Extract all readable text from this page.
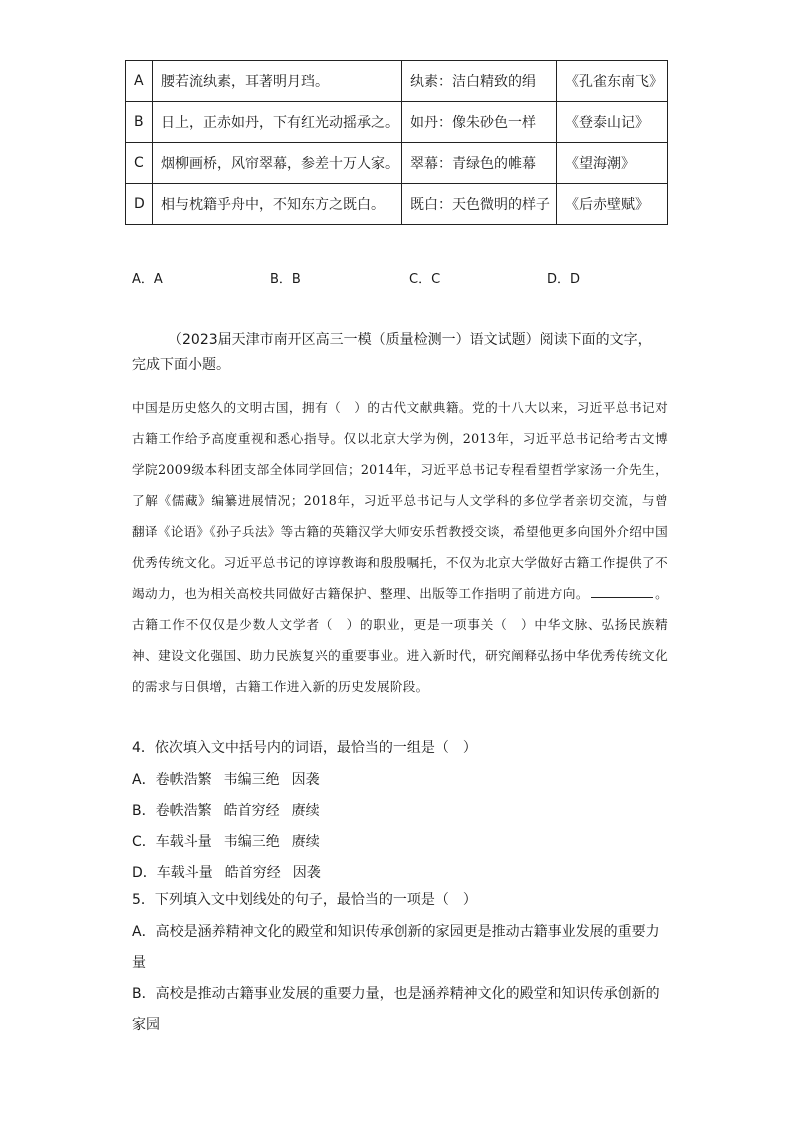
A	腰若流纨素，耳著明月珰。	纨素：洁白精致的绢	《孔雀东南飞》
B	日上，正赤如丹，下有红光动摇承之。	如丹：像朱砂色一样	《登泰山记》
C	烟柳画桥，风帘翠幕，参差十万人家。	翠幕：青绿色的帷幕	《望海潮》
D	相与枕籍乎舟中，不知东方之既白。	既白：天色微明的样子	《后赤壁赋》
A．A	B．B	C．C	D．D
（2023届天津市南开区高三一模（质量检测一）语文试题）阅读下面的文字，完成下面小题。
中国是历史悠久的文明古国，拥有（　）的古代文献典籍。党的十八大以来，习近平总书记对古籍工作给予高度重视和悉心指导。仅以北京大学为例，2013年，习近平总书记给考古文博学院2009级本科团支部全体同学回信；2014年，习近平总书记专程看望哲学家汤一介先生，了解《儒藏》编纂进展情况；2018年，习近平总书记与人文学科的多位学者亲切交流，与曾翻译《论语》《孙子兵法》等古籍的英籍汉学大师安乐哲教授交谈，希望他更多向国外介绍中国优秀传统文化。习近平总书记的谆谆教诲和殷殷嘱托，不仅为北京大学做好古籍工作提供了不竭动力，也为相关高校共同做好古籍保护、整理、出版等工作指明了前进方向。	。古籍工作不仅仅是少数人文学者（　）的职业，更是一项事关（　）中华文脉、弘扬民族精神、建设文化强国、助力民族复兴的重要事业。进入新时代，研究阐释弘扬中华优秀传统文化的需求与日俱增，古籍工作进入新的历史发展阶段。
4．依次填入文中括号内的词语，最恰当的一组是（　）
A．卷帙浩繁 韦编三绝 因袭
B．卷帙浩繁 皓首穷经 赓续
C．车载斗量 韦编三绝 赓续
D．车载斗量 皓首穷经 因袭
5．下列填入文中划线处的句子，最恰当的一项是（　）
A．高校是涵养精神文化的殿堂和知识传承创新的家园更是推动古籍事业发展的重要力量
B．高校是推动古籍事业发展的重要力量，也是涵养精神文化的殿堂和知识传承创新的家园
